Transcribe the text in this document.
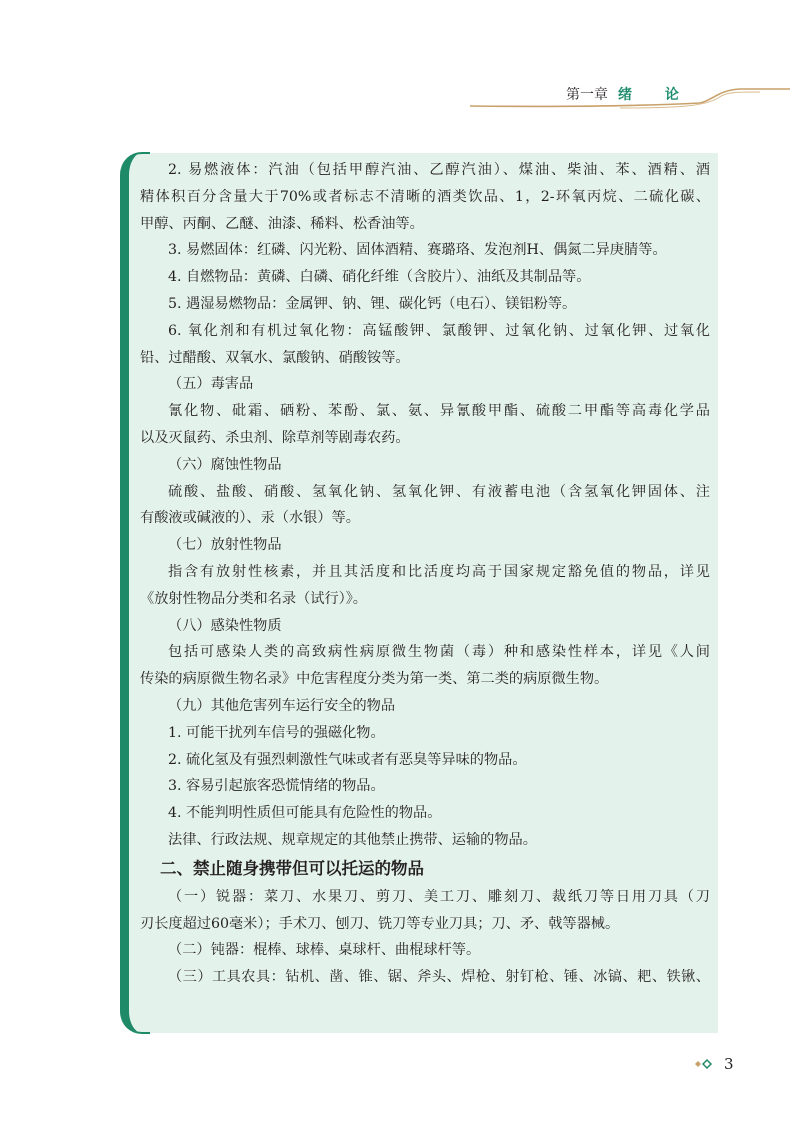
第一章 绪 论
2. 易燃液体：汽油（包括甲醇汽油、乙醇汽油）、煤油、柴油、苯、酒精、酒
精体积百分含量大于70%或者标志不清晰的酒类饮品、1，2-环氧丙烷、二硫化碳、
甲醇、丙酮、乙醚、油漆、稀料、松香油等。
3. 易燃固体：红磷、闪光粉、固体酒精、赛璐珞、发泡剂H、偶氮二异庚腈等。
4. 自燃物品：黄磷、白磷、硝化纤维（含胶片）、油纸及其制品等。
5. 遇湿易燃物品：金属钾、钠、锂、碳化钙（电石）、镁铝粉等。
6. 氧化剂和有机过氧化物：高锰酸钾、氯酸钾、过氧化钠、过氧化钾、过氧化
铅、过醋酸、双氧水、氯酸钠、硝酸铵等。
（五）毒害品
氰化物、砒霜、硒粉、苯酚、氯、氨、异氰酸甲酯、硫酸二甲酯等高毒化学品
以及灭鼠药、杀虫剂、除草剂等剧毒农药。
（六）腐蚀性物品
硫酸、盐酸、硝酸、氢氧化钠、氢氧化钾、有液蓄电池（含氢氧化钾固体、注
有酸液或碱液的）、汞（水银）等。
（七）放射性物品
指含有放射性核素，并且其活度和比活度均高于国家规定豁免值的物品，详见
《放射性物品分类和名录（试行）》。
（八）感染性物质
包括可感染人类的高致病性病原微生物菌（毒）种和感染性样本，详见《人间
传染的病原微生物名录》中危害程度分类为第一类、第二类的病原微生物。
（九）其他危害列车运行安全的物品
1. 可能干扰列车信号的强磁化物。
2. 硫化氢及有强烈刺激性气味或者有恶臭等异味的物品。
3. 容易引起旅客恐慌情绪的物品。
4. 不能判明性质但可能具有危险性的物品。
法律、行政法规、规章规定的其他禁止携带、运输的物品。
二、禁止随身携带但可以托运的物品
（一）锐器：菜刀、水果刀、剪刀、美工刀、雕刻刀、裁纸刀等日用刀具（刀
刃长度超过60毫米）；手术刀、刨刀、铣刀等专业刀具；刀、矛、戟等器械。
（二）钝器：棍棒、球棒、桌球杆、曲棍球杆等。
（三）工具农具：钻机、凿、锥、锯、斧头、焊枪、射钉枪、锤、冰镐、耙、铁锹、
3
